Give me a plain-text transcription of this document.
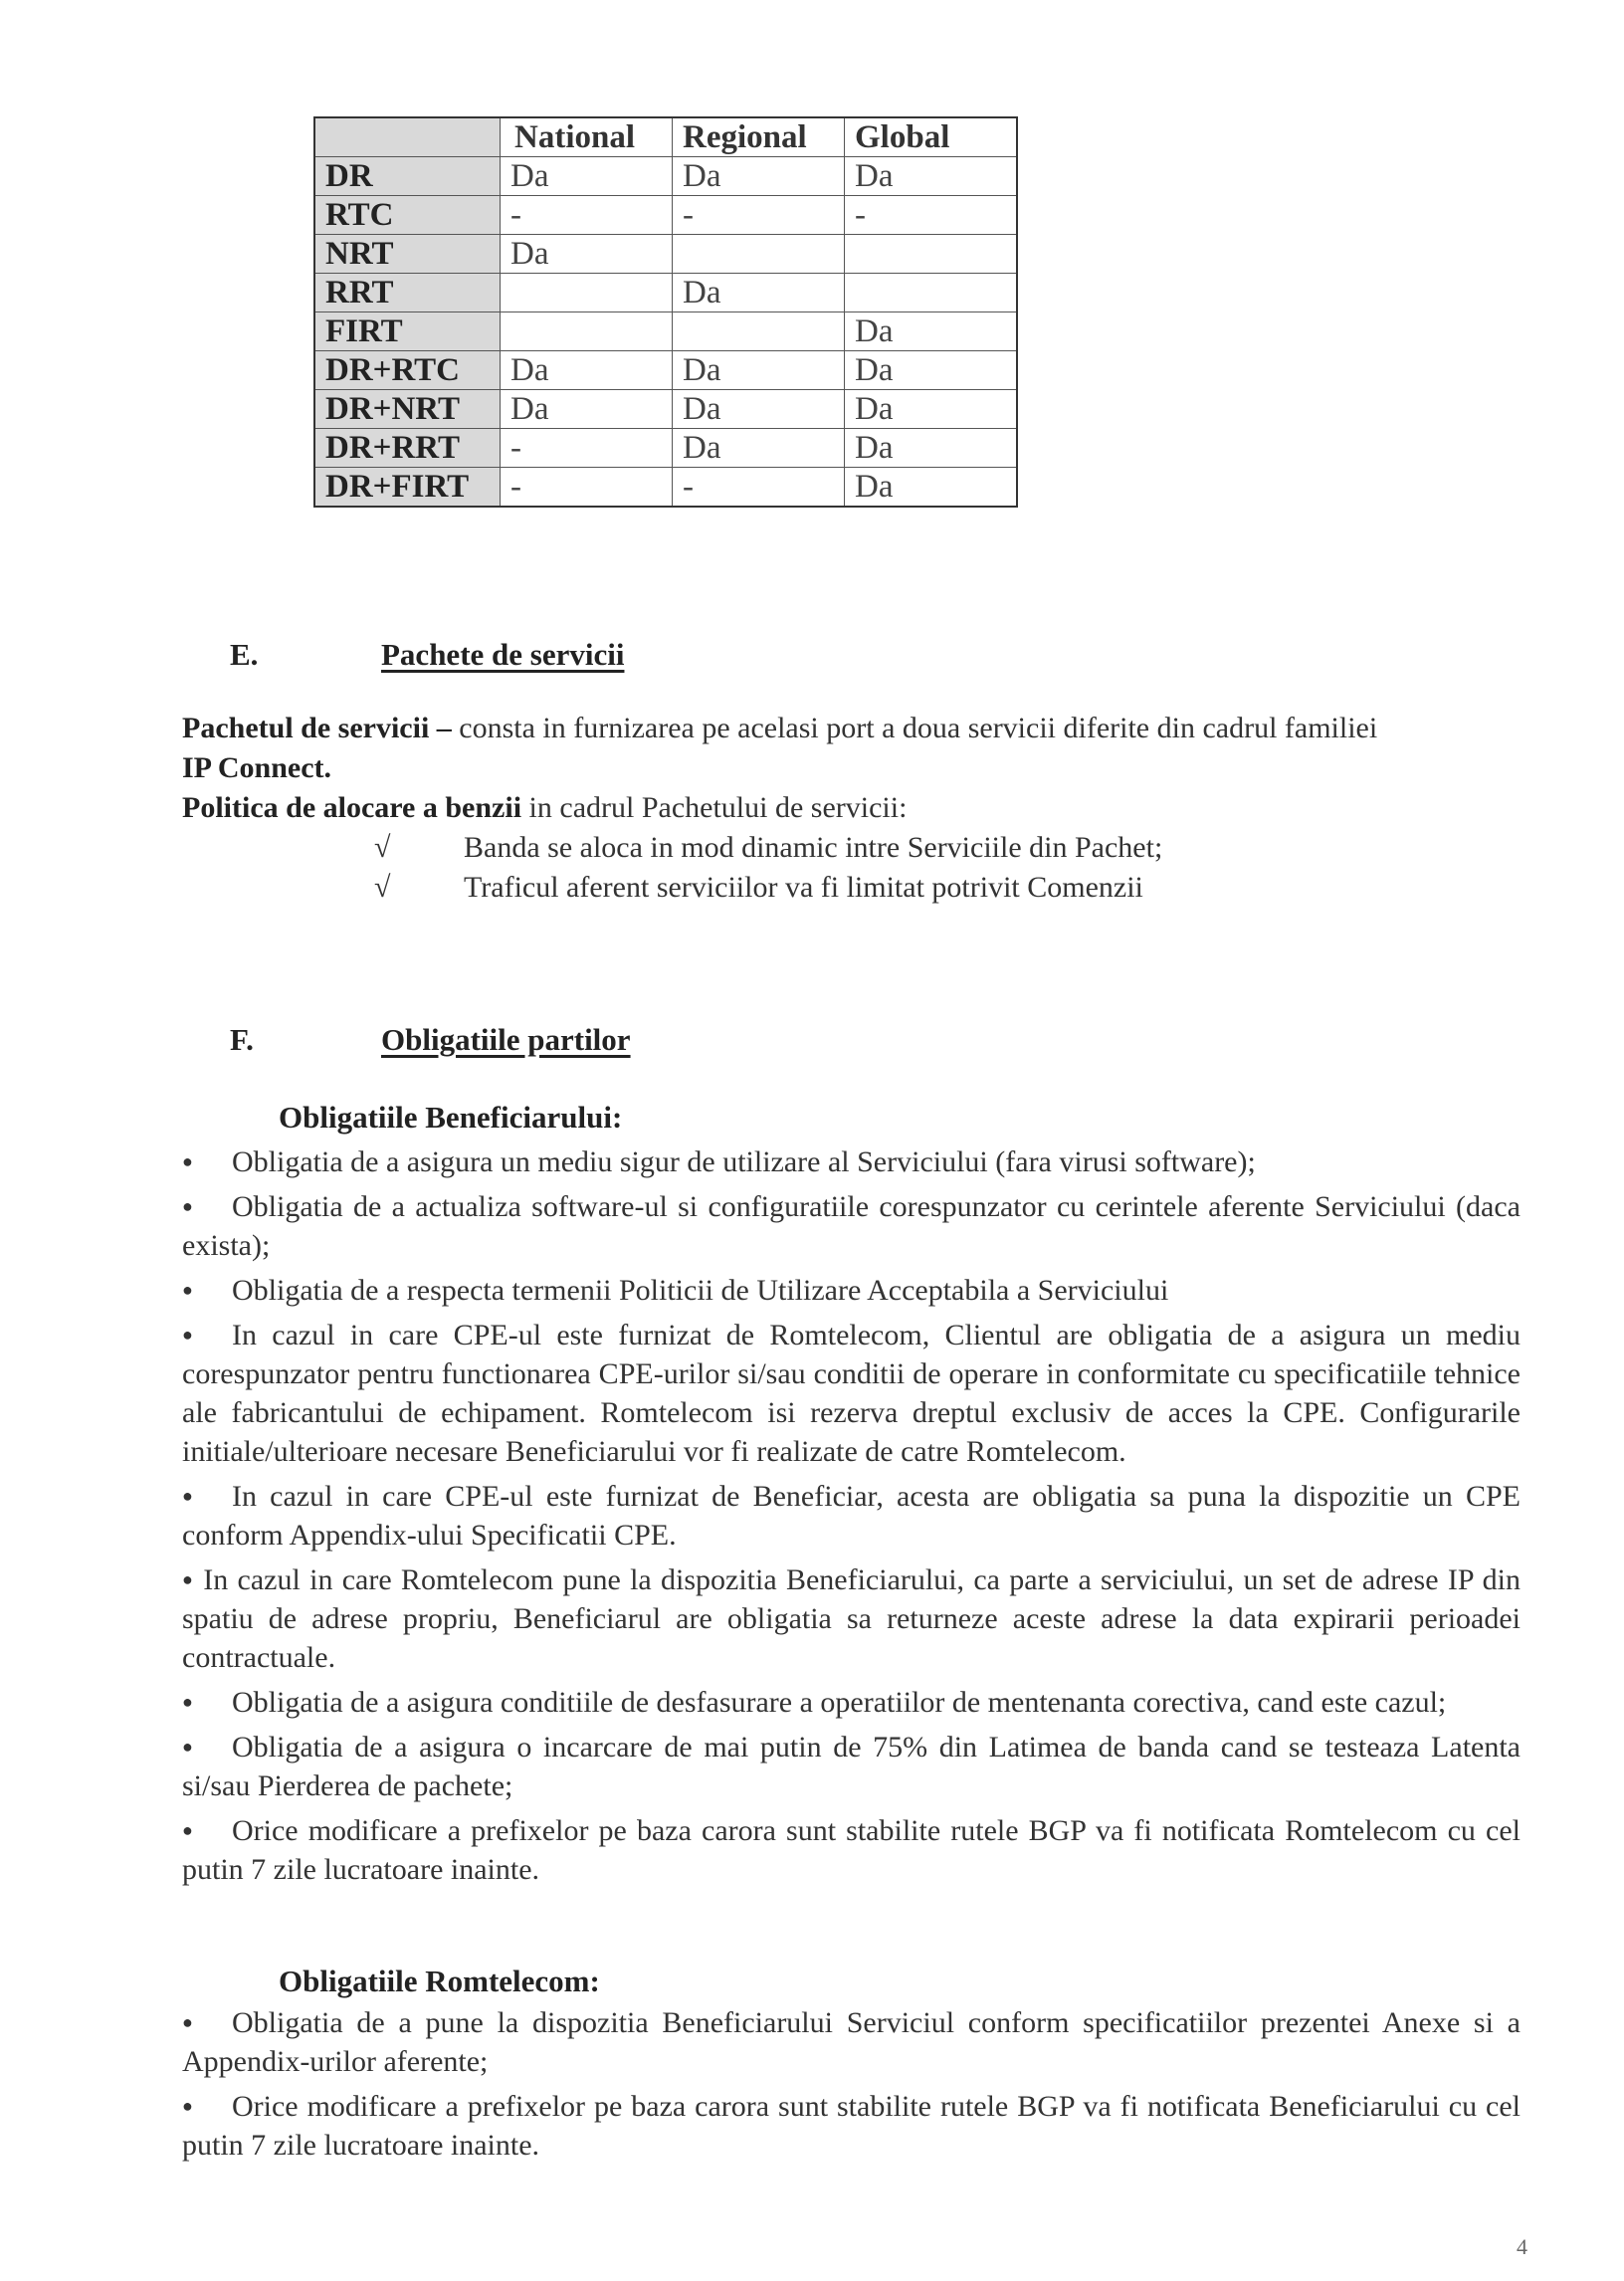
	National	Regional	Global
DR	Da	Da	Da
RTC	-	-	-
NRT	Da		
RRT		Da	
FIRT			Da
DR+RTC	Da	Da	Da
DR+NRT	Da	Da	Da
DR+RRT	-	Da	Da
DR+FIRT	-	-	Da
E.	Pachete de servicii
Pachetul de servicii – consta in furnizarea pe acelasi port a doua servicii diferite din cadrul familiei
IP Connect.
Politica de alocare a benzii in cadrul Pachetului de servicii:
√ Banda se aloca in mod dinamic intre Serviciile din Pachet;
√ Traficul aferent serviciilor va fi limitat potrivit Comenzii
F.	Obligatiile partilor
Obligatiile Beneficiarului:
● Obligatia de a asigura un mediu sigur de utilizare al Serviciului (fara virusi software);
● Obligatia de a actualiza software-ul si configuratiile corespunzator cu cerintele aferente Serviciului (daca exista);
● Obligatia de a respecta termenii Politicii de Utilizare Acceptabila a Serviciului
● In cazul in care CPE-ul este furnizat de Romtelecom, Clientul are obligatia de a asigura un mediu corespunzator pentru functionarea CPE-urilor si/sau conditii de operare in conformitate cu specificatiile tehnice ale fabricantului de echipament. Romtelecom isi rezerva dreptul exclusiv de acces la CPE. Configurarile initiale/ulterioare necesare Beneficiarului vor fi realizate de catre Romtelecom.
● In cazul in care CPE-ul este furnizat de Beneficiar, acesta are obligatia sa puna la dispozitie un CPE conform Appendix-ului Specificatii CPE.
● In cazul in care Romtelecom pune la dispozitia Beneficiarului, ca parte a serviciului, un set de adrese IP din spatiu de adrese propriu, Beneficiarul are obligatia sa returneze aceste adrese la data expirarii perioadei contractuale.
● Obligatia de a asigura conditiile de desfasurare a operatiilor de mentenanta corectiva, cand este cazul;
● Obligatia de a asigura o incarcare de mai putin de 75% din Latimea de banda cand se testeaza Latenta si/sau Pierderea de pachete;
● Orice modificare a prefixelor pe baza carora sunt stabilite rutele BGP va fi notificata Romtelecom cu cel putin 7 zile lucratoare inainte.
Obligatiile Romtelecom:
● Obligatia de a pune la dispozitia Beneficiarului Serviciul conform specificatiilor prezentei Anexe si a Appendix-urilor aferente;
● Orice modificare a prefixelor pe baza carora sunt stabilite rutele BGP va fi notificata Beneficiarului cu cel putin 7 zile lucratoare inainte.
4
